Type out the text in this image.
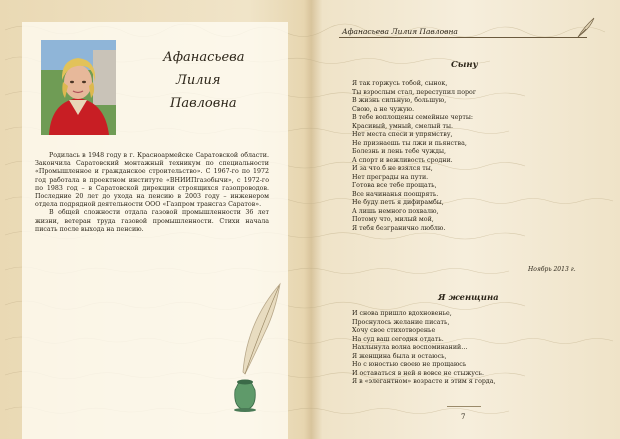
Афанасьева
Лилия
Павловна

Родилась в 1948 году в г. Красноармейске Саратовской области. Закончила Саратовский монтажный техникум по специальности «Промышленное и гражданское строительство». С 1967-го по 1972 год работала в проектном институте «ВНИИПгазобычи», с 1972-го по 1983 год – в Саратовской дирекции строящихся газопроводов. Последние 20 лет до ухода на пенсию в 2003 году – инженером отдела подрядной деятельности ООО «Газпром трансгаз Саратов».

В общей сложности отдала газовой промышленности 36 лет жизни, ветеран труда газовой промышленности. Стихи начала писать после выхода на пенсию.

Афанасьева Лилия Павловна
Сыну
Я так горжусь тобой, сынок,
Ты взрослым стал, переступил порог
В жизнь сильную, большую,
Свою, а не чужую.
В тебе воплощены семейные черты:
Красивый, умный, смелый ты.
Нет места спеси и упрямству,
Не признаешь ты лжи и пьянства,
Болезнь и лень тебе чужды,
А спорт и вежливость сродни.
И за что б не взялся ты,
Нет преграды на пути.
Готова все тебе прощать,
Все начинанья поощрять.
Не буду петь я дифирамбы,
А лишь немного похвалю,
Потому что, милый мой,
Я тебя безгранично люблю.
Ноябрь 2013 г.
Я женщина
И снова пришло вдохновенье,
Проснулось желание писать,
Хочу свое стихотворенье
На суд ваш сегодня отдать.
Нахлынула волна воспоминаний…
Я женщина была и остаюсь,
Но с юностью своею не прощаюсь
И оставаться в ней я вовсе не стыжусь.
Я в «элегантном» возрасте и этим я горда,
7
